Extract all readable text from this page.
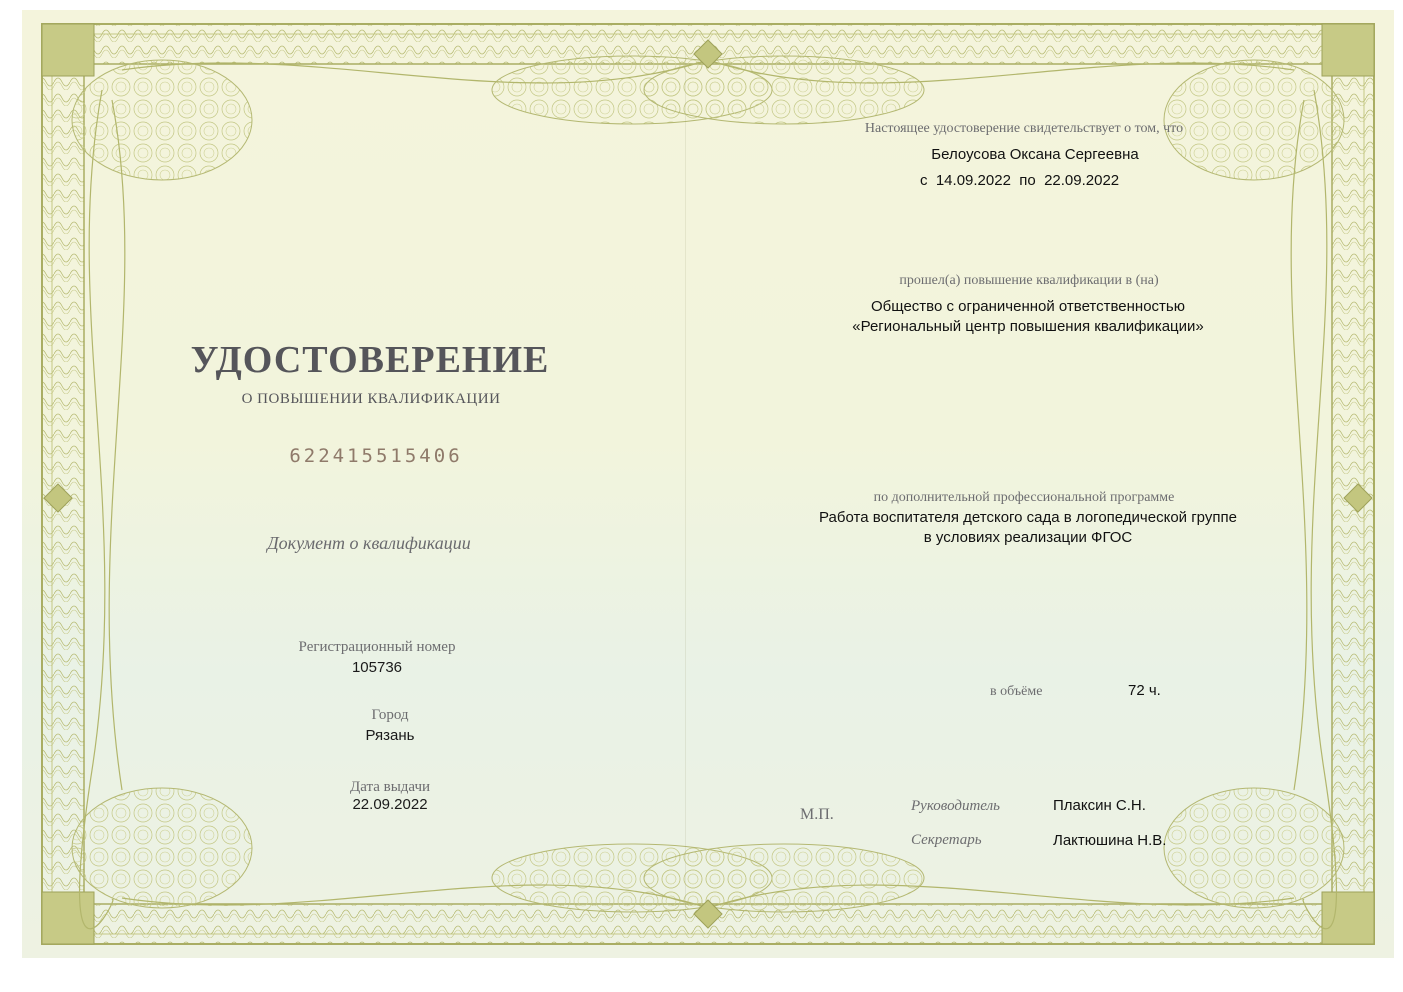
УДОСТОВЕРЕНИЕ
О ПОВЫШЕНИИ КВАЛИФИКАЦИИ
622415515406
Документ о квалификации
Регистрационный номер
105736
Город
Рязань
Дата выдачи
22.09.2022
Настоящее удостоверение свидетельствует о том, что
Белоусова Оксана Сергеевна
с 14.09.2022 по 22.09.2022
прошел(а) повышение квалификации в (на)
Общество с ограниченной ответственностью
«Региональный центр повышения квалификации»
по дополнительной профессиональной программе
Работа воспитателя детского сада в логопедической группе
в условиях реализации ФГОС
в объёме	72 ч.
М.П.	Руководитель	Плаксин С.Н.
Секретарь	Лактюшина Н.В.
